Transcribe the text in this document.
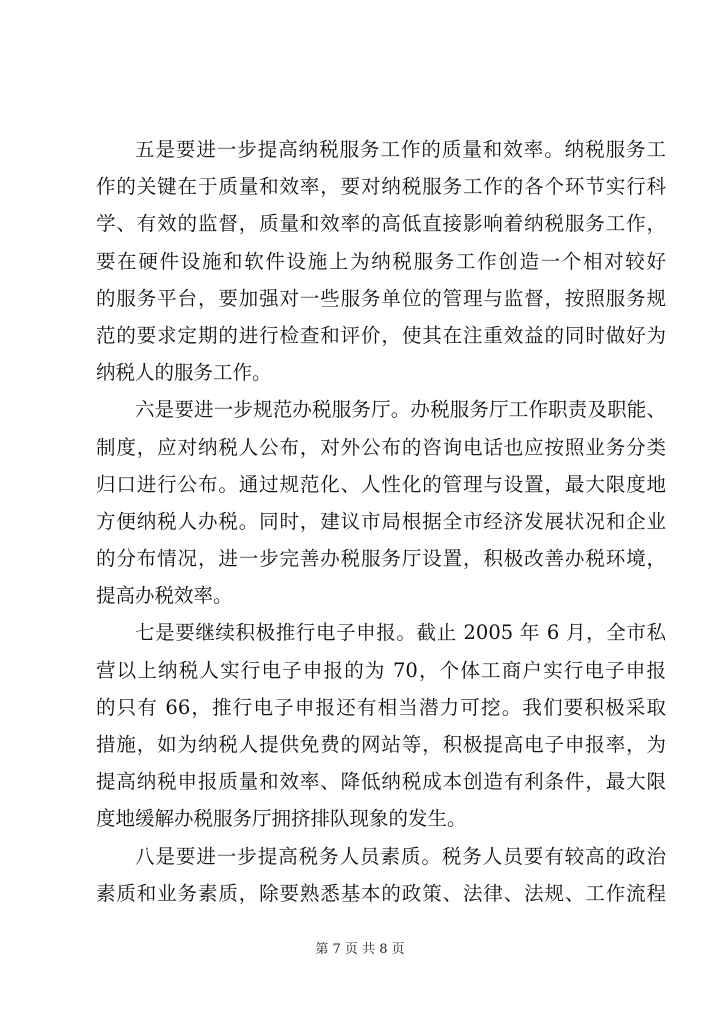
五是要进一步提高纳税服务工作的质量和效率。纳税服务工
作的关键在于质量和效率，要对纳税服务工作的各个环节实行科
学、有效的监督，质量和效率的高低直接影响着纳税服务工作，
要在硬件设施和软件设施上为纳税服务工作创造一个相对较好
的服务平台，要加强对一些服务单位的管理与监督，按照服务规
范的要求定期的进行检查和评价，使其在注重效益的同时做好为
纳税人的服务工作。
六是要进一步规范办税服务厅。办税服务厅工作职责及职能、
制度，应对纳税人公布，对外公布的咨询电话也应按照业务分类
归口进行公布。通过规范化、人性化的管理与设置，最大限度地
方便纳税人办税。同时，建议市局根据全市经济发展状况和企业
的分布情况，进一步完善办税服务厅设置，积极改善办税环境，
提高办税效率。
七是要继续积极推行电子申报。截止 2005 年 6 月，全市私
营以上纳税人实行电子申报的为 70，个体工商户实行电子申报
的只有 66，推行电子申报还有相当潜力可挖。我们要积极采取
措施，如为纳税人提供免费的网站等，积极提高电子申报率，为
提高纳税申报质量和效率、降低纳税成本创造有利条件，最大限
度地缓解办税服务厅拥挤排队现象的发生。
八是要进一步提高税务人员素质。税务人员要有较高的政治
素质和业务素质，除要熟悉基本的政策、法律、法规、工作流程
第 7 页 共 8 页
